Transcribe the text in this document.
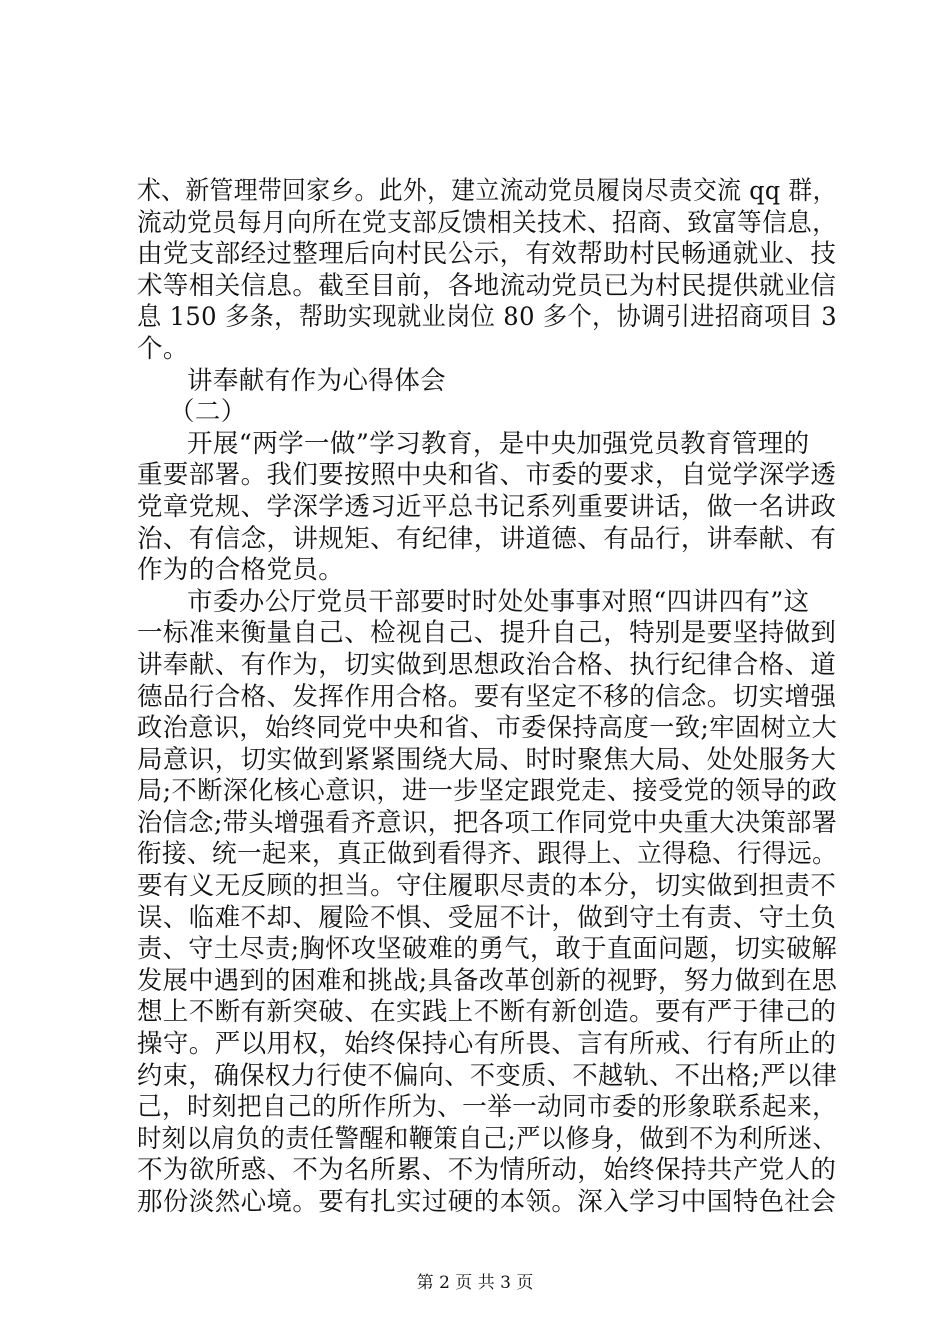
术、新管理带回家乡。此外，建立流动党员履岗尽责交流 qq 群，
流动党员每月向所在党支部反馈相关技术、招商、致富等信息，
由党支部经过整理后向村民公示，有效帮助村民畅通就业、技
术等相关信息。截至目前，各地流动党员已为村民提供就业信
息 150 多条，帮助实现就业岗位 80 多个，协调引进招商项目 3
个。
讲奉献有作为心得体会
（二）
开展“两学一做”学习教育，是中央加强党员教育管理的
重要部署。我们要按照中央和省、市委的要求，自觉学深学透
党章党规、学深学透习近平总书记系列重要讲话，做一名讲政
治、有信念，讲规矩、有纪律，讲道德、有品行，讲奉献、有
作为的合格党员。
市委办公厅党员干部要时时处处事事对照“四讲四有”这
一标准来衡量自己、检视自己、提升自己，特别是要坚持做到
讲奉献、有作为，切实做到思想政治合格、执行纪律合格、道
德品行合格、发挥作用合格。要有坚定不移的信念。切实增强
政治意识，始终同党中央和省、市委保持高度一致;牢固树立大
局意识，切实做到紧紧围绕大局、时时聚焦大局、处处服务大
局;不断深化核心意识，进一步坚定跟党走、接受党的领导的政
治信念;带头增强看齐意识，把各项工作同党中央重大决策部署
衔接、统一起来，真正做到看得齐、跟得上、立得稳、行得远。
要有义无反顾的担当。守住履职尽责的本分，切实做到担责不
误、临难不却、履险不惧、受屈不计，做到守土有责、守土负
责、守土尽责;胸怀攻坚破难的勇气，敢于直面问题，切实破解
发展中遇到的困难和挑战;具备改革创新的视野，努力做到在思
想上不断有新突破、在实践上不断有新创造。要有严于律己的
操守。严以用权，始终保持心有所畏、言有所戒、行有所止的
约束，确保权力行使不偏向、不变质、不越轨、不出格;严以律
己，时刻把自己的所作所为、一举一动同市委的形象联系起来，
时刻以肩负的责任警醒和鞭策自己;严以修身，做到不为利所迷、
不为欲所惑、不为名所累、不为情所动，始终保持共产党人的
那份淡然心境。要有扎实过硬的本领。深入学习中国特色社会
第 2 页 共 3 页
